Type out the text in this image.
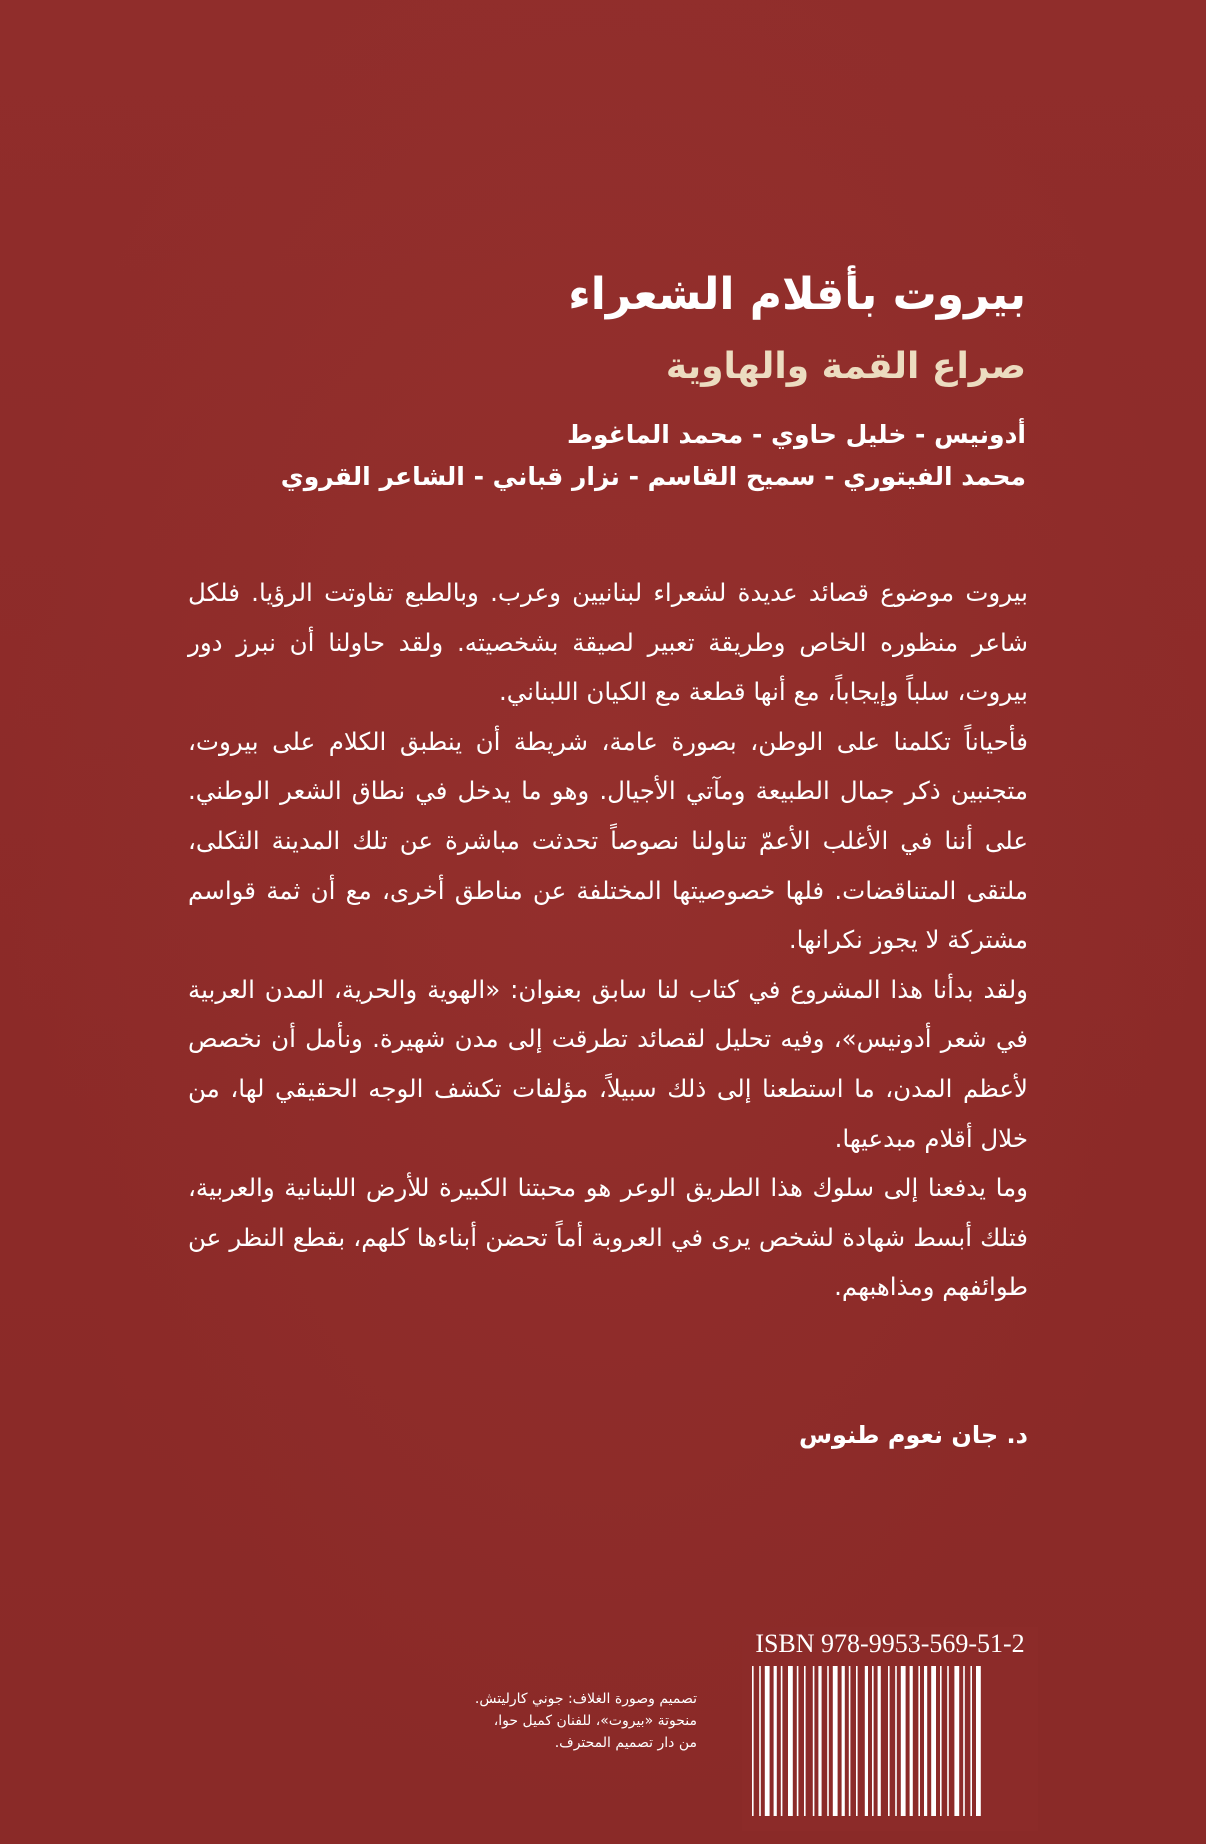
بيروت بأقلام الشعراء
صراع القمة والهاوية
أدونيس - خليل حاوي - محمد الماغوط
محمد الفيتوري - سميح القاسم - نزار قباني - الشاعر القروي

بيروت موضوع قصائد عديدة لشعراء لبنانيين وعرب. وبالطبع تفاوتت الرؤيا. فلكل شاعر منظوره الخاص وطريقة تعبير لصيقة بشخصيته. ولقد حاولنا أن نبرز دور بيروت، سلباً وإيجاباً، مع أنها قطعة مع الكيان اللبناني.

فأحياناً تكلمنا على الوطن، بصورة عامة، شريطة أن ينطبق الكلام على بيروت، متجنبين ذكر جمال الطبيعة ومآتي الأجيال. وهو ما يدخل في نطاق الشعر الوطني. على أننا في الأغلب الأعمّ تناولنا نصوصاً تحدثت مباشرة عن تلك المدينة الثكلى، ملتقى المتناقضات. فلها خصوصيتها المختلفة عن مناطق أخرى، مع أن ثمة قواسم مشتركة لا يجوز نكرانها.

ولقد بدأنا هذا المشروع في كتاب لنا سابق بعنوان: «الهوية والحرية، المدن العربية في شعر أدونيس»، وفيه تحليل لقصائد تطرقت إلى مدن شهيرة. ونأمل أن نخصص لأعظم المدن، ما استطعنا إلى ذلك سبيلاً، مؤلفات تكشف الوجه الحقيقي لها، من خلال أقلام مبدعيها.

وما يدفعنا إلى سلوك هذا الطريق الوعر هو محبتنا الكبيرة للأرض اللبنانية والعربية، فتلك أبسط شهادة لشخص يرى في العروبة أماً تحضن أبناءها كلهم، بقطع النظر عن طوائفهم ومذاهبهم.

د. جان نعوم طنوس
تصميم وصورة الغلاف: جوني كارليتش.
منحوتة «بيروت»، للفنان كميل حوا،
من دار تصميم المحترف.
ISBN 978-9953-569-51-2
